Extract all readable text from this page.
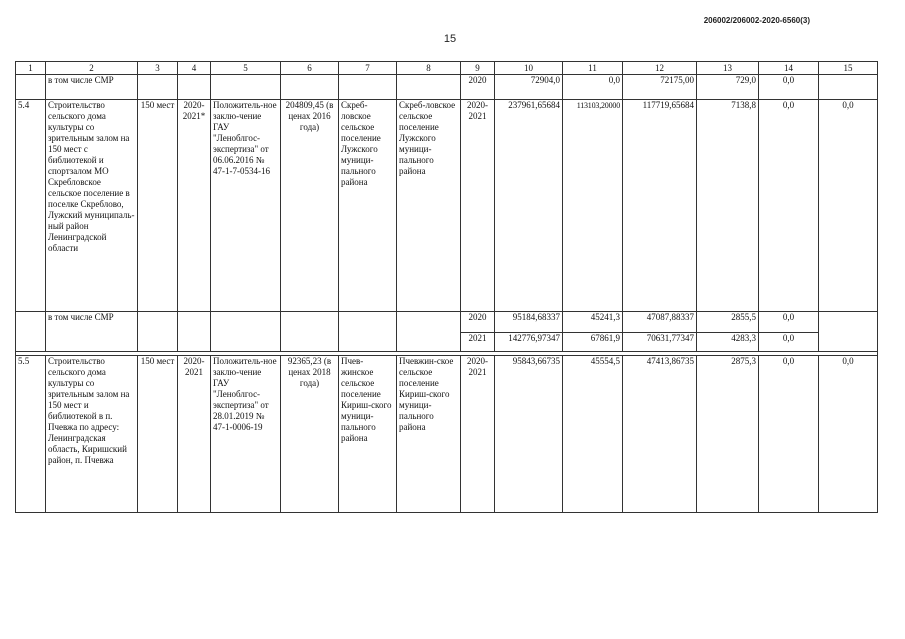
206002/206002-2020-6560(3)
15
1	2	3	4	5	6	7	8	9	10	11	12	13	14	15
	в том числе СМР							2020	72904,0	0,0	72175,00	729,0	0,0	
5.4	Строительство сельского дома культуры со зрительным залом на 150 мест с библиотекой и спортзалом МО Скребловское сельское поселение в поселке Скреблово, Лужский муниципаль-ный район Ленинградской области	150 мест	2020-2021*	Положитель-ное заклю-чение ГАУ "Леноблгос-экспертиза" от 06.06.2016 № 47-1-7-0534-16	204809,45 (в ценах 2016 года)	Скреб-ловское сельское поселение Лужского муници-пального района	Скреб-ловское сельское поселение Лужского муници-пального района	2020-2021	237961,65684	113103,20000	117719,65684	7138,8	0,0	0,0
	в том числе СМР							2020	95184,68337	45241,3	47087,88337	2855,5	0,0	
								2021	142776,97347	67861,9	70631,77347	4283,3	0,0	

5.5	Строительство сельского дома культуры со зрительным залом на 150 мест и библиотекой в п. Пчевжа по адресу: Ленинградская область, Киришский район, п. Пчевжа	150 мест	2020-2021	Положитель-ное заклю-чение ГАУ "Леноблгос-экспертиза" от 28.01.2019 № 47-1-0006-19	92365,23 (в ценах 2018 года)	Пчев-жинское сельское поселение Кириш-ского муници-пального района	Пчевжин-ское сельское поселение Кириш-ского муници-пального района	2020-2021	95843,66735	45554,5	47413,86735	2875,3	0,0	0,0
